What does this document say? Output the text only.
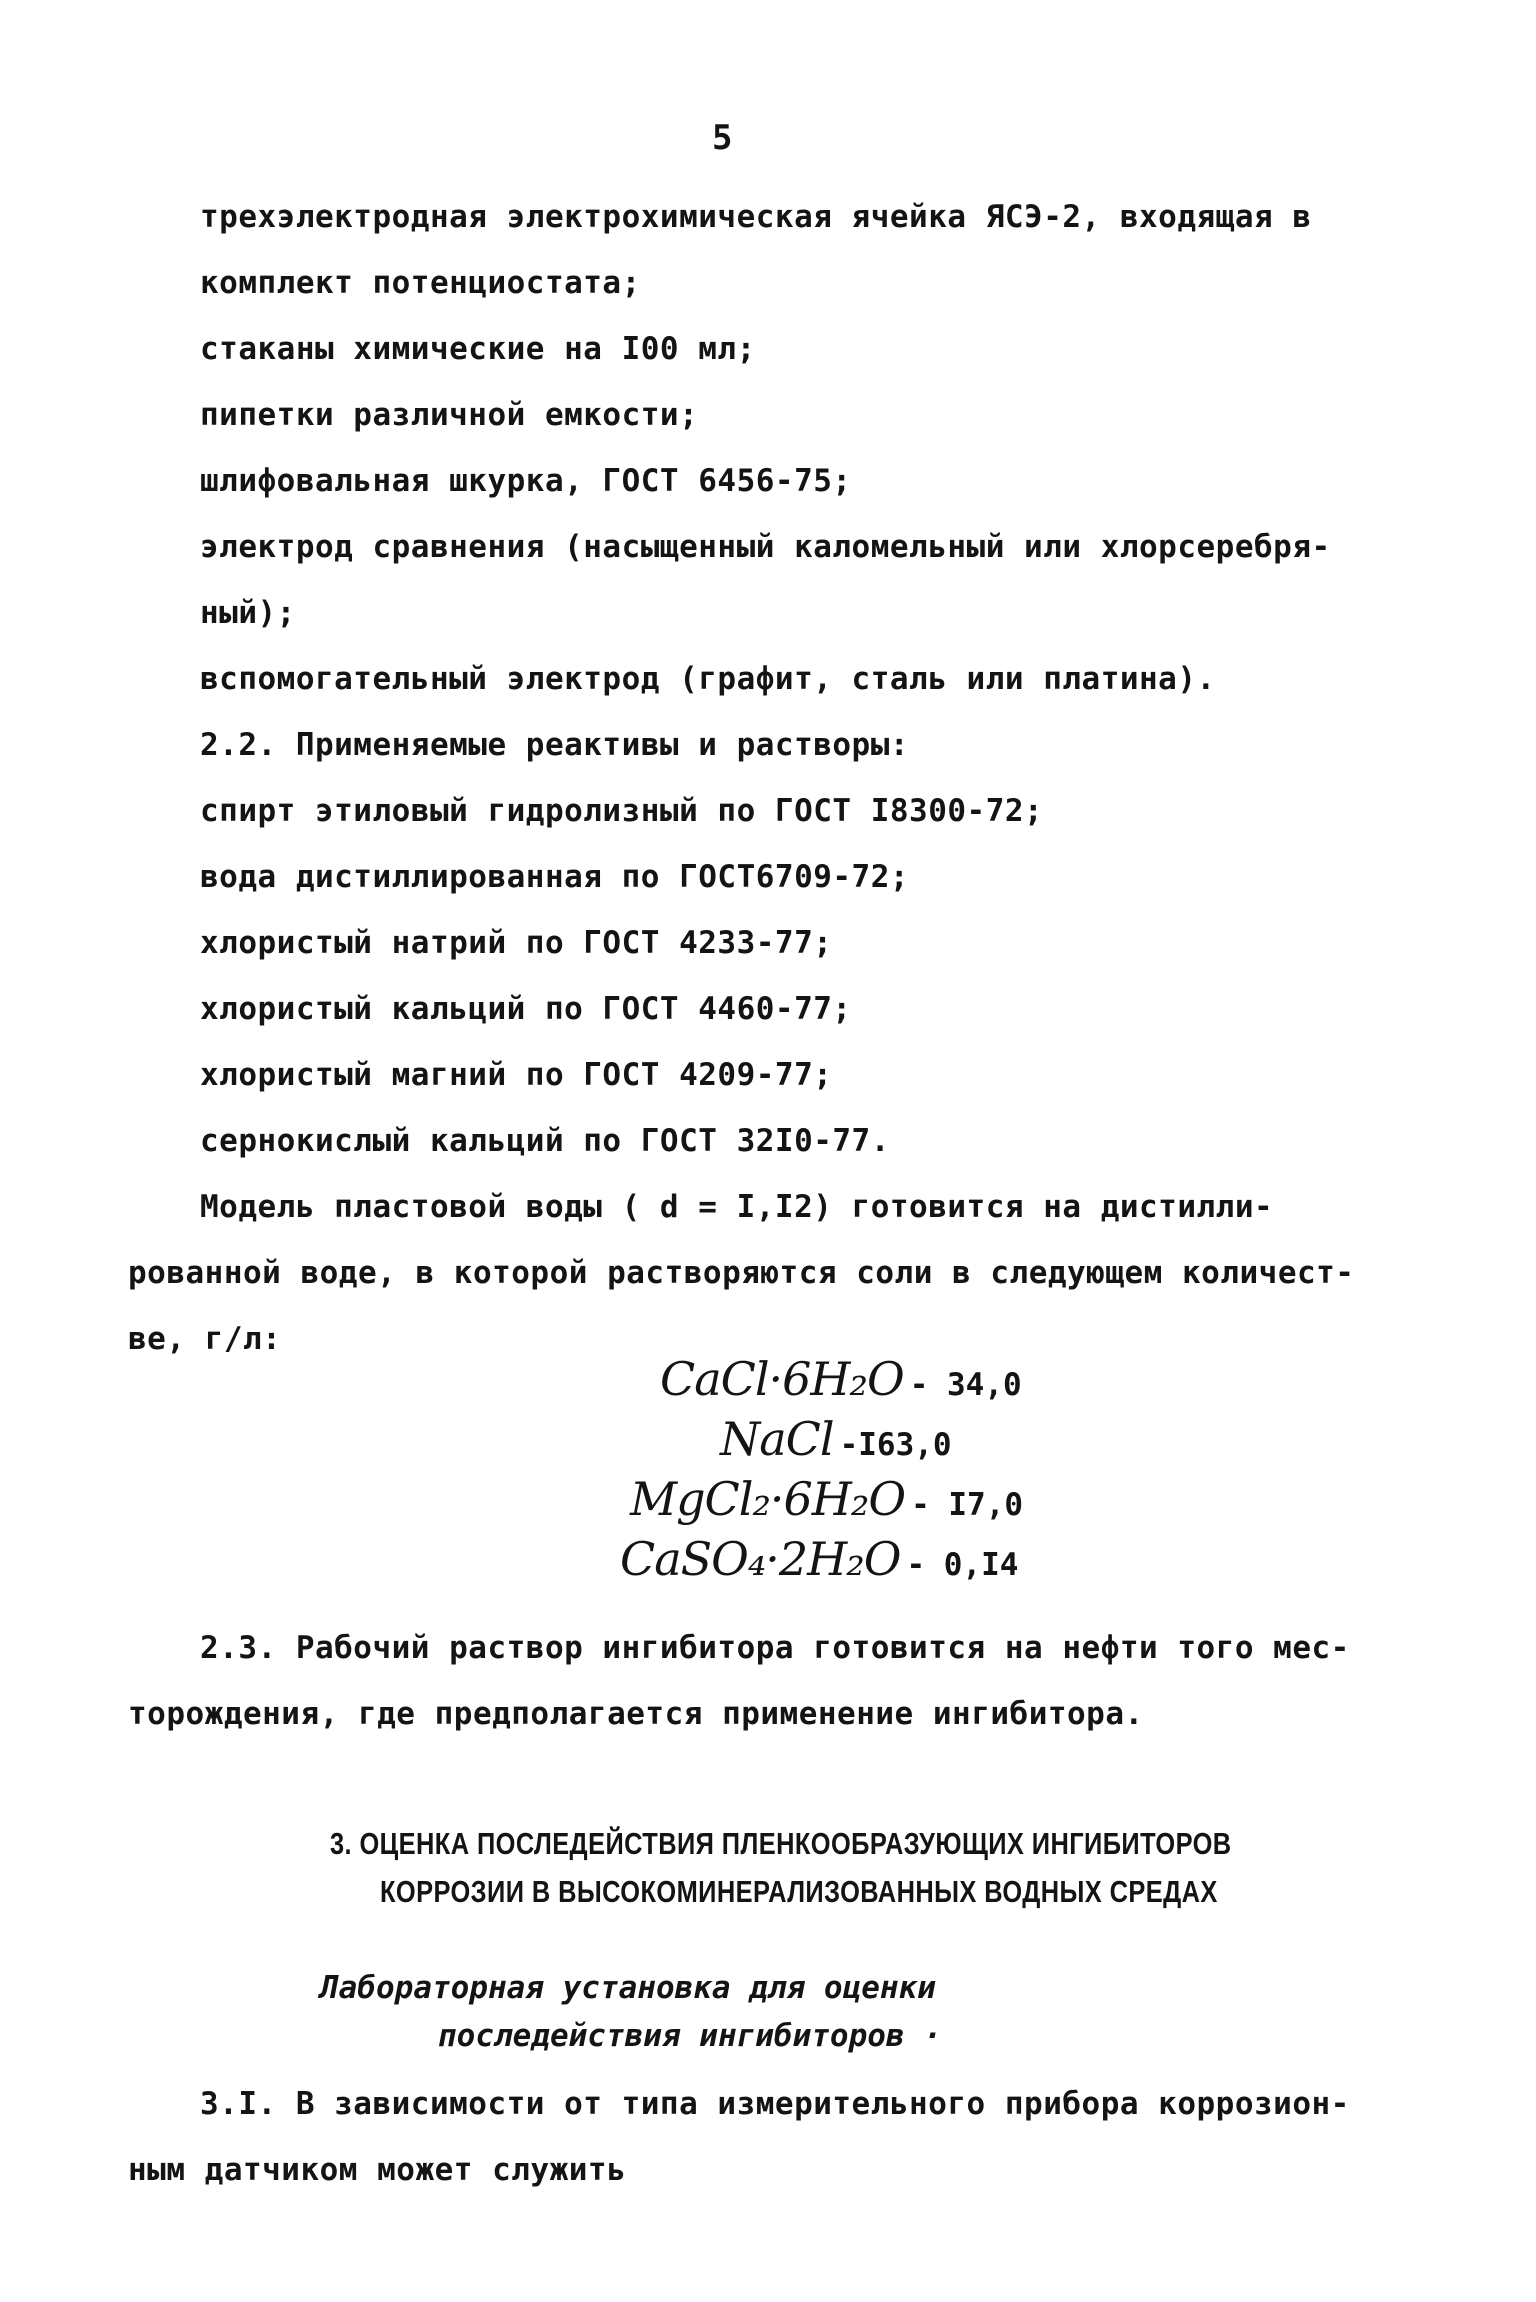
5
трехэлектродная электрохимическая ячейка ЯСЭ-2, входящая в
комплект потенциостата;
стаканы химические на I00 мл;
пипетки различной емкости;
шлифовальная шкурка, ГОСТ 6456-75;
электрод сравнения (насыщенный каломельный или хлорсеребря-
ный);
вспомогательный электрод (графит, сталь или платина).
2.2. Применяемые реактивы и растворы:
спирт этиловый гидролизный по ГОСТ I8300-72;
вода дистиллированная по ГОСТ6709-72;
хлористый натрий по ГОСТ 4233-77;
хлористый кальций по ГОСТ 4460-77;
хлористый магний по ГОСТ 4209-77;
сернокислый кальций по ГОСТ 32I0-77.
Модель пластовой воды ( d = I,I2) готовится на дистилли-
рованной воде, в которой растворяются соли в следующем количест-
ве, г/л:
CaCl·6H₂O - 34,0
NaCl -I63,0
MgCl₂·6H₂O - I7,0
CaSO₄·2H₂O - 0,I4
2.3. Рабочий раствор ингибитора готовится на нефти того мес-
торождения, где предполагается применение ингибитора.
3. ОЦЕНКА ПОСЛЕДЕЙСТВИЯ ПЛЕНКООБРАЗУЮЩИХ ИНГИБИТОРОВ
КОРРОЗИИ В ВЫСОКОМИНЕРАЛИЗОВАННЫХ ВОДНЫХ СРЕДАХ
Лабораторная установка для оценки
последействия ингибиторов ·
3.I. В зависимости от типа измерительного прибора коррозион-
ным датчиком может служить
